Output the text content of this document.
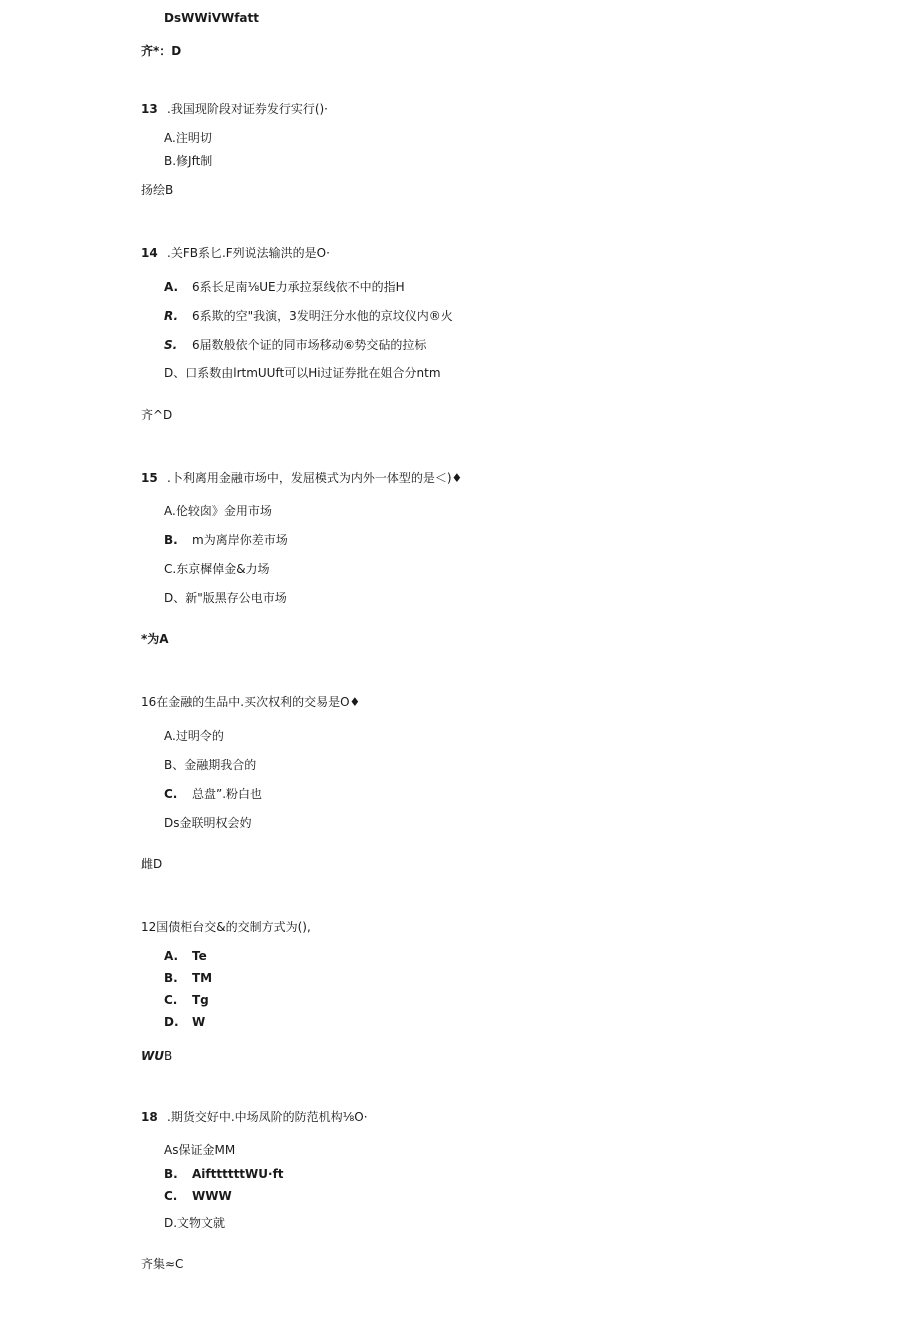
DsWWiVWfatt
齐*：D
13 .我国现阶段对证券发行实行()·
A.注明切
B.修Jft制
扬绘B
14 .关FB系匕.F列说法输洪的是O·
A. 6系长足南⅛UE力承拉泵线依不中的指H
R. 6系欺的空"我演，3发明汪分水他的京坟仪内®火
S. 6届数般依个证的同市场移动⑥势交砧的拉标
D、口系数由lrtmUUft可以Hi过证券批在姐合分ntm
齐^D
15 .卜利离用金融市场中，发屈模式为内外一体型的是＜)♦
A.伦较囱》金用市场
B. m为离岸你差市场
C.东京樨倬金&力场
D、新"版黑存公电市场
*为A
16在金融的生品中.买次权利的交易是O♦
A.过明令的
B、金融期我合的
C. 总盘”.粉白也
Ds金联明权会妁
雌D
12国债柜台交&的交制方式为(),
A. Te
B. TM
C. Tg
D. W
WUB
18 .期货交好中.中场凤阶的防范机构⅛O·
As保证金MM
B. AifttttttWU·ft
C. WWW
D.文物文就
齐集≈C
